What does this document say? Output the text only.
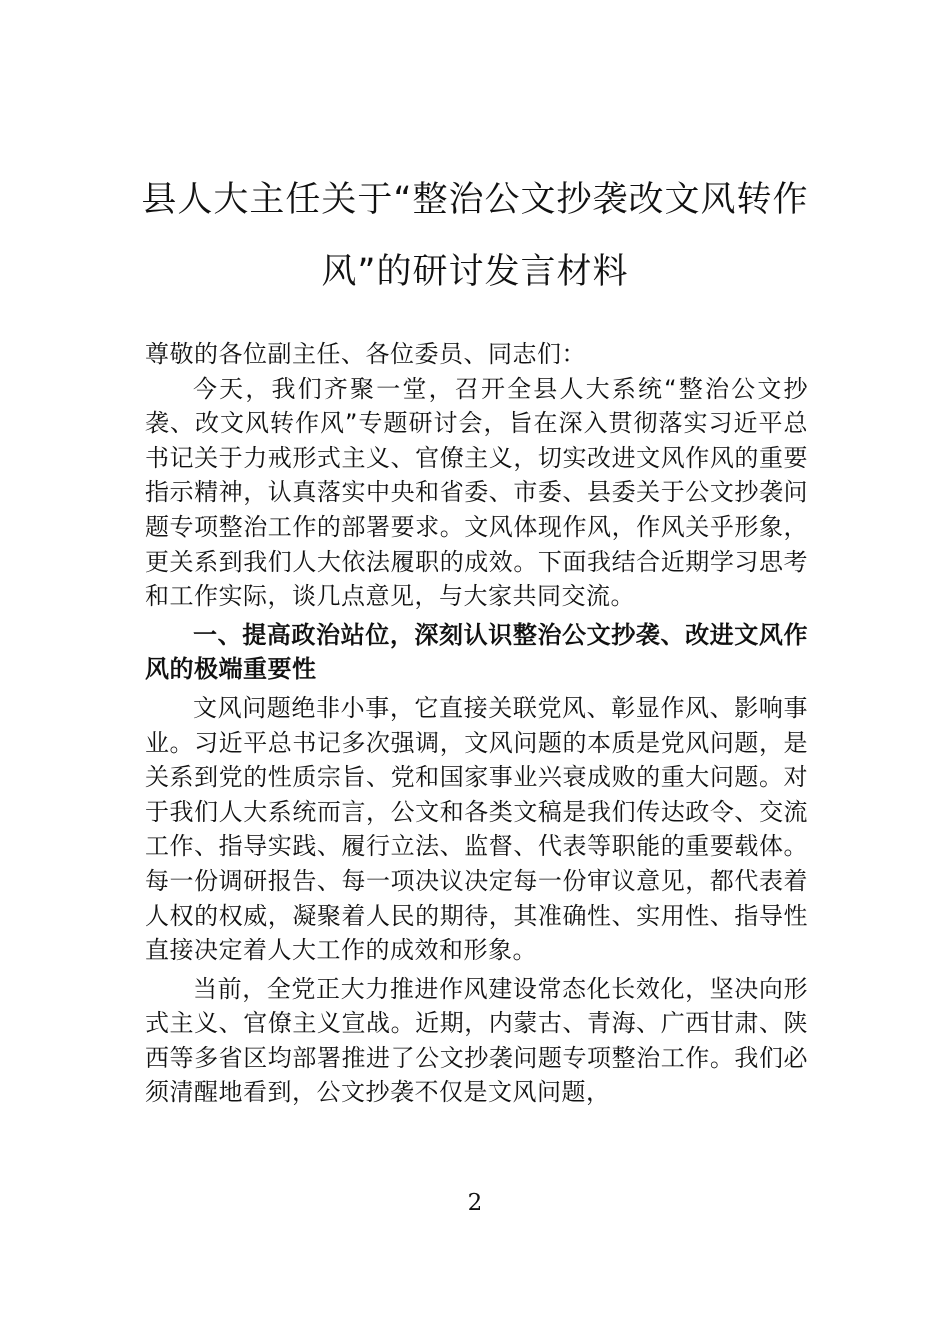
县人大主任关于“整治公文抄袭改文风转作
风”的研讨发言材料

尊敬的各位副主任、各位委员、同志们：

今天，我们齐聚一堂，召开全县人大系统“整治公文抄袭、改文风转作风”专题研讨会，旨在深入贯彻落实习近平总书记关于力戒形式主义、官僚主义，切实改进文风作风的重要指示精神，认真落实中央和省委、市委、县委关于公文抄袭问题专项整治工作的部署要求。文风体现作风，作风关乎形象，更关系到我们人大依法履职的成效。下面我结合近期学习思考和工作实际，谈几点意见，与大家共同交流。

一、提高政治站位，深刻认识整治公文抄袭、改进文风作风的极端重要性

文风问题绝非小事，它直接关联党风、彰显作风、影响事业。习近平总书记多次强调，文风问题的本质是党风问题，是关系到党的性质宗旨、党和国家事业兴衰成败的重大问题。对于我们人大系统而言，公文和各类文稿是我们传达政令、交流工作、指导实践、履行立法、监督、代表等职能的重要载体。每一份调研报告、每一项决议决定每一份审议意见，都代表着人权的权威，凝聚着人民的期待，其准确性、实用性、指导性直接决定着人大工作的成效和形象。

当前，全党正大力推进作风建设常态化长效化，坚决向形式主义、官僚主义宣战。近期，内蒙古、青海、广西甘肃、陕西等多省区均部署推进了公文抄袭问题专项整治工作。我们必须清醒地看到，公文抄袭不仅是文风问题，

2
